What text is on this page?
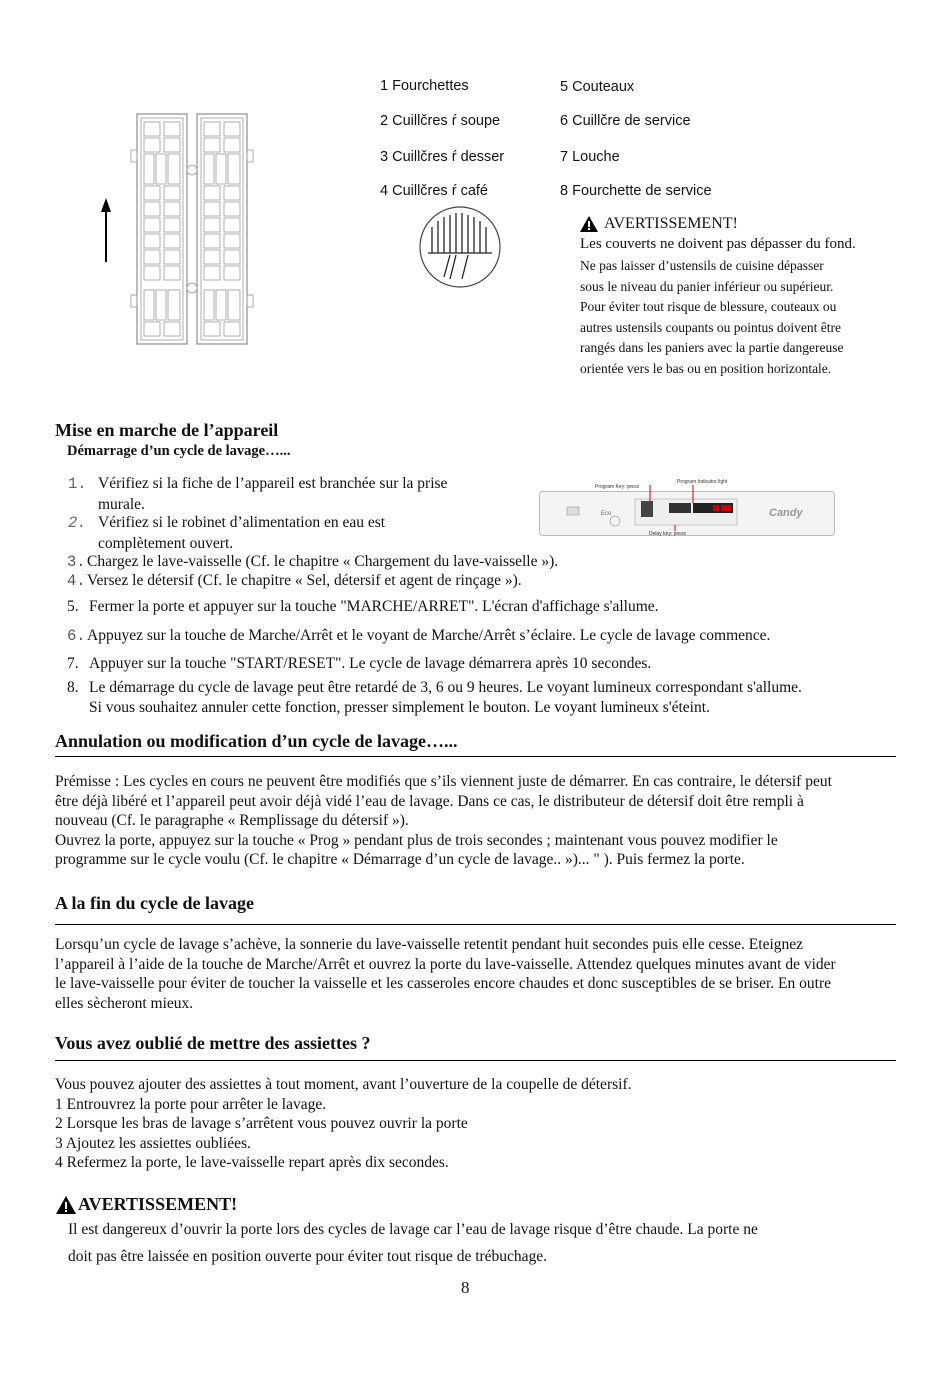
1 Fourchettes
2 Cuillčres ŕ soupe
3 Cuillčres ŕ desser
4 Cuillčres ŕ café
5 Couteaux
6 Cuillčre de service
7 Louche
8 Fourchette de service
AVERTISSEMENT!
Les couverts ne doivent pas dépasser du fond.
Ne pas laisser d’ustensils de cuisine dépasser
sous le niveau du panier inférieur ou supérieur.
Pour éviter tout risque de blessure, couteaux ou
autres ustensils coupants ou pointus doivent être
rangés dans les paniers avec la partie dangereuse
orientée vers le bas ou en position horizontale.
Mise en marche de l’appareil
Démarrage d’un cycle de lavage…...
1. Vérifiez si la fiche de l’appareil est branchée sur la prise
murale.
2. Vérifiez si le robinet d’alimentation en eau est
complètement ouvert.
3.Chargez le lave-vaisselle (Cf. le chapitre « Chargement du lave-vaisselle »).
4.Versez le détersif (Cf. le chapitre « Sel, détersif et agent de rinçage »).
5. Fermer la porte et appuyer sur la touche "MARCHE/ARRET". L'écran d'affichage s'allume.
6.Appuyez sur la touche de Marche/Arrêt et le voyant de Marche/Arrêt s’éclaire. Le cycle de lavage commence.
7. Appuyer sur la touche "START/RESET". Le cycle de lavage démarrera après 10 secondes.
8. Le démarrage du cycle de lavage peut être retardé de 3, 6 ou 9 heures. Le voyant lumineux correspondant s'allume.
Si vous souhaitez annuler cette fonction, presser simplement le bouton. Le voyant lumineux s'éteint.
Eco
Program Key: press
Program Indicator light
Delay key: press
Candy
Annulation ou modification d’un cycle de lavage…...
Prémisse : Les cycles en cours ne peuvent être modifiés que s’ils viennent juste de démarrer. En cas contraire, le détersif peut
être déjà libéré et l’appareil peut avoir déjà vidé l’eau de lavage. Dans ce cas, le distributeur de détersif doit être rempli à
nouveau (Cf. le paragraphe « Remplissage du détersif »).
Ouvrez la porte, appuyez sur la touche « Prog » pendant plus de trois secondes ; maintenant vous pouvez modifier le
programme sur le cycle voulu (Cf. le chapitre « Démarrage d’un cycle de lavage.. »)... " ). Puis fermez la porte.
A la fin du cycle de lavage
Lorsqu’un cycle de lavage s’achève, la sonnerie du lave-vaisselle retentit pendant huit secondes puis elle cesse. Eteignez
l’appareil à l’aide de la touche de Marche/Arrêt et ouvrez la porte du lave-vaisselle. Attendez quelques minutes avant de vider
le lave-vaisselle pour éviter de toucher la vaisselle et les casseroles encore chaudes et donc susceptibles de se briser. En outre
elles sècheront mieux.
Vous avez oublié de mettre des assiettes ?
Vous pouvez ajouter des assiettes à tout moment, avant l’ouverture de la coupelle de détersif.
1 Entrouvrez la porte pour arrêter le lavage.
2 Lorsque les bras de lavage s’arrêtent vous pouvez ouvrir la porte
3 Ajoutez les assiettes oubliées.
4 Refermez la porte, le lave-vaisselle repart après dix secondes.
AVERTISSEMENT!
Il est dangereux d’ouvrir la porte lors des cycles de lavage car l’eau de lavage risque d’être chaude. La porte ne
doit pas être laissée en position ouverte pour éviter tout risque de trébuchage.
8
